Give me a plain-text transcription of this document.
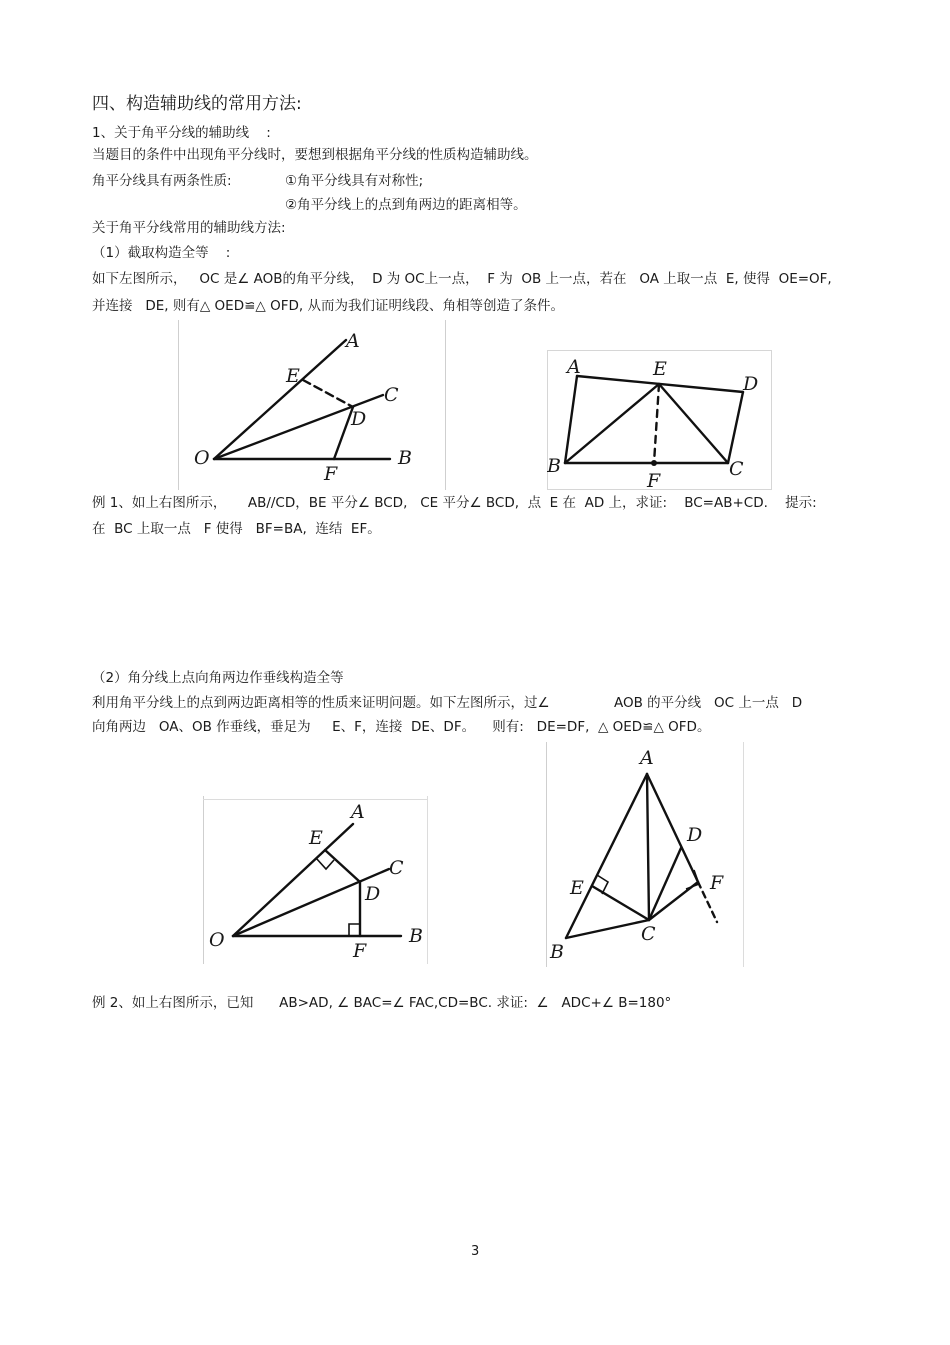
四、构造辅助线的常用方法:
1、关于角平分线的辅助线    :
当题目的条件中出现角平分线时，要想到根据角平分线的性质构造辅助线。
角平分线具有两条性质:	①角平分线具有对称性;
②角平分线上的点到角两边的距离相等。
关于角平分线常用的辅助线方法:
（1）截取构造全等    :
如下左图所示，   OC 是∠ AOB的角平分线，  D 为 OC上一点，  F 为  OB 上一点，若在   OA 上取一点  E, 使得  OE=OF,
并连接   DE, 则有△ OED≌△ OFD, 从而为我们证明线段、角相等创造了条件。
A
E
C
D
O
F
B
A	E
D
B	C
F
例 1、如上右图所示，     AB//CD，BE 平分∠ BCD,   CE 平分∠ BCD,  点  E 在  AD 上，求证:    BC=AB+CD.    提示:
在  BC 上取一点   F 使得   BF=BA,  连结  EF。
（2）角分线上点向角两边作垂线构造全等
利用角平分线上的点到两边距离相等的性质来证明问题。如下左图所示，过∠               AOB 的平分线   OC 上一点   D
向角两边   OA、OB 作垂线，垂足为     E、F，连接  DE、DF。    则有:   DE=DF,  △ OED≌△ OFD。
A
E
C
D
O	F
B
A
D
E	F
C
B
例 2、如上右图所示，已知      AB>AD, ∠ BAC=∠ FAC,CD=BC. 求证:  ∠   ADC+∠ B=180°
3
